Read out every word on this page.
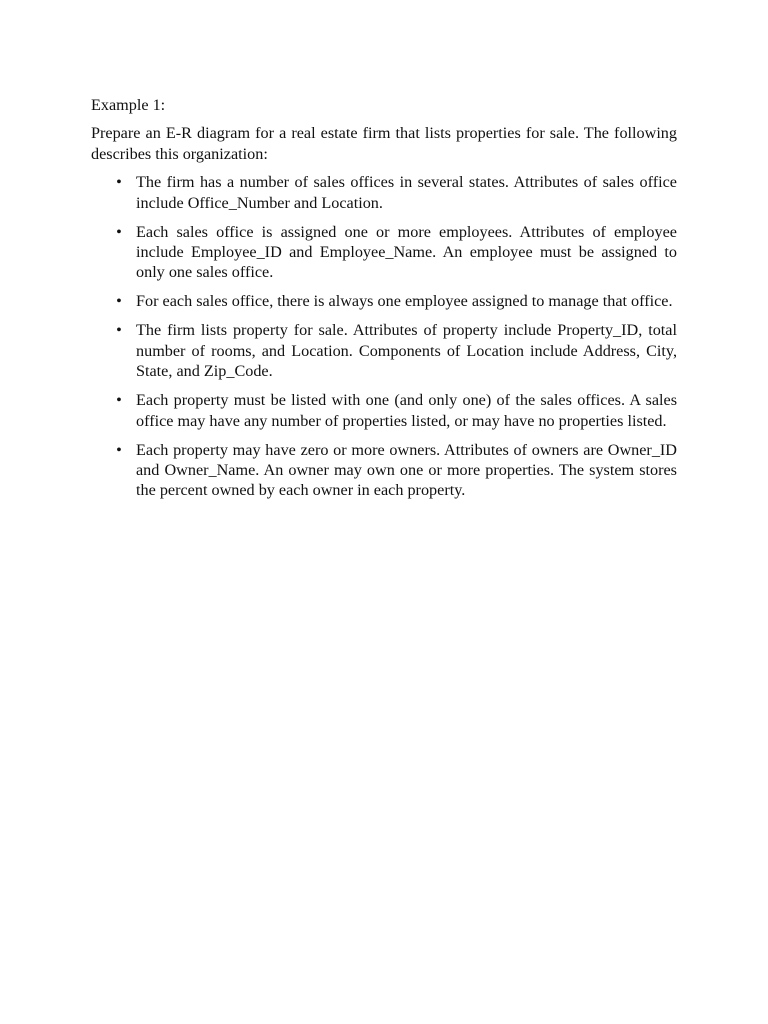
Example 1:

Prepare an E-R diagram for a real estate firm that lists properties for sale. The following describes this organization:

• The firm has a number of sales offices in several states. Attributes of sales office include Office_Number and Location.
• Each sales office is assigned one or more employees. Attributes of employee include Employee_ID and Employee_Name. An employee must be assigned to only one sales office.
• For each sales office, there is always one employee assigned to manage that office.
• The firm lists property for sale. Attributes of property include Property_ID, total number of rooms, and Location. Components of Location include Address, City, State, and Zip_Code.
• Each property must be listed with one (and only one) of the sales offices. A sales office may have any number of properties listed, or may have no properties listed.
• Each property may have zero or more owners. Attributes of owners are Owner_ID and Owner_Name. An owner may own one or more properties. The system stores the percent owned by each owner in each property.
